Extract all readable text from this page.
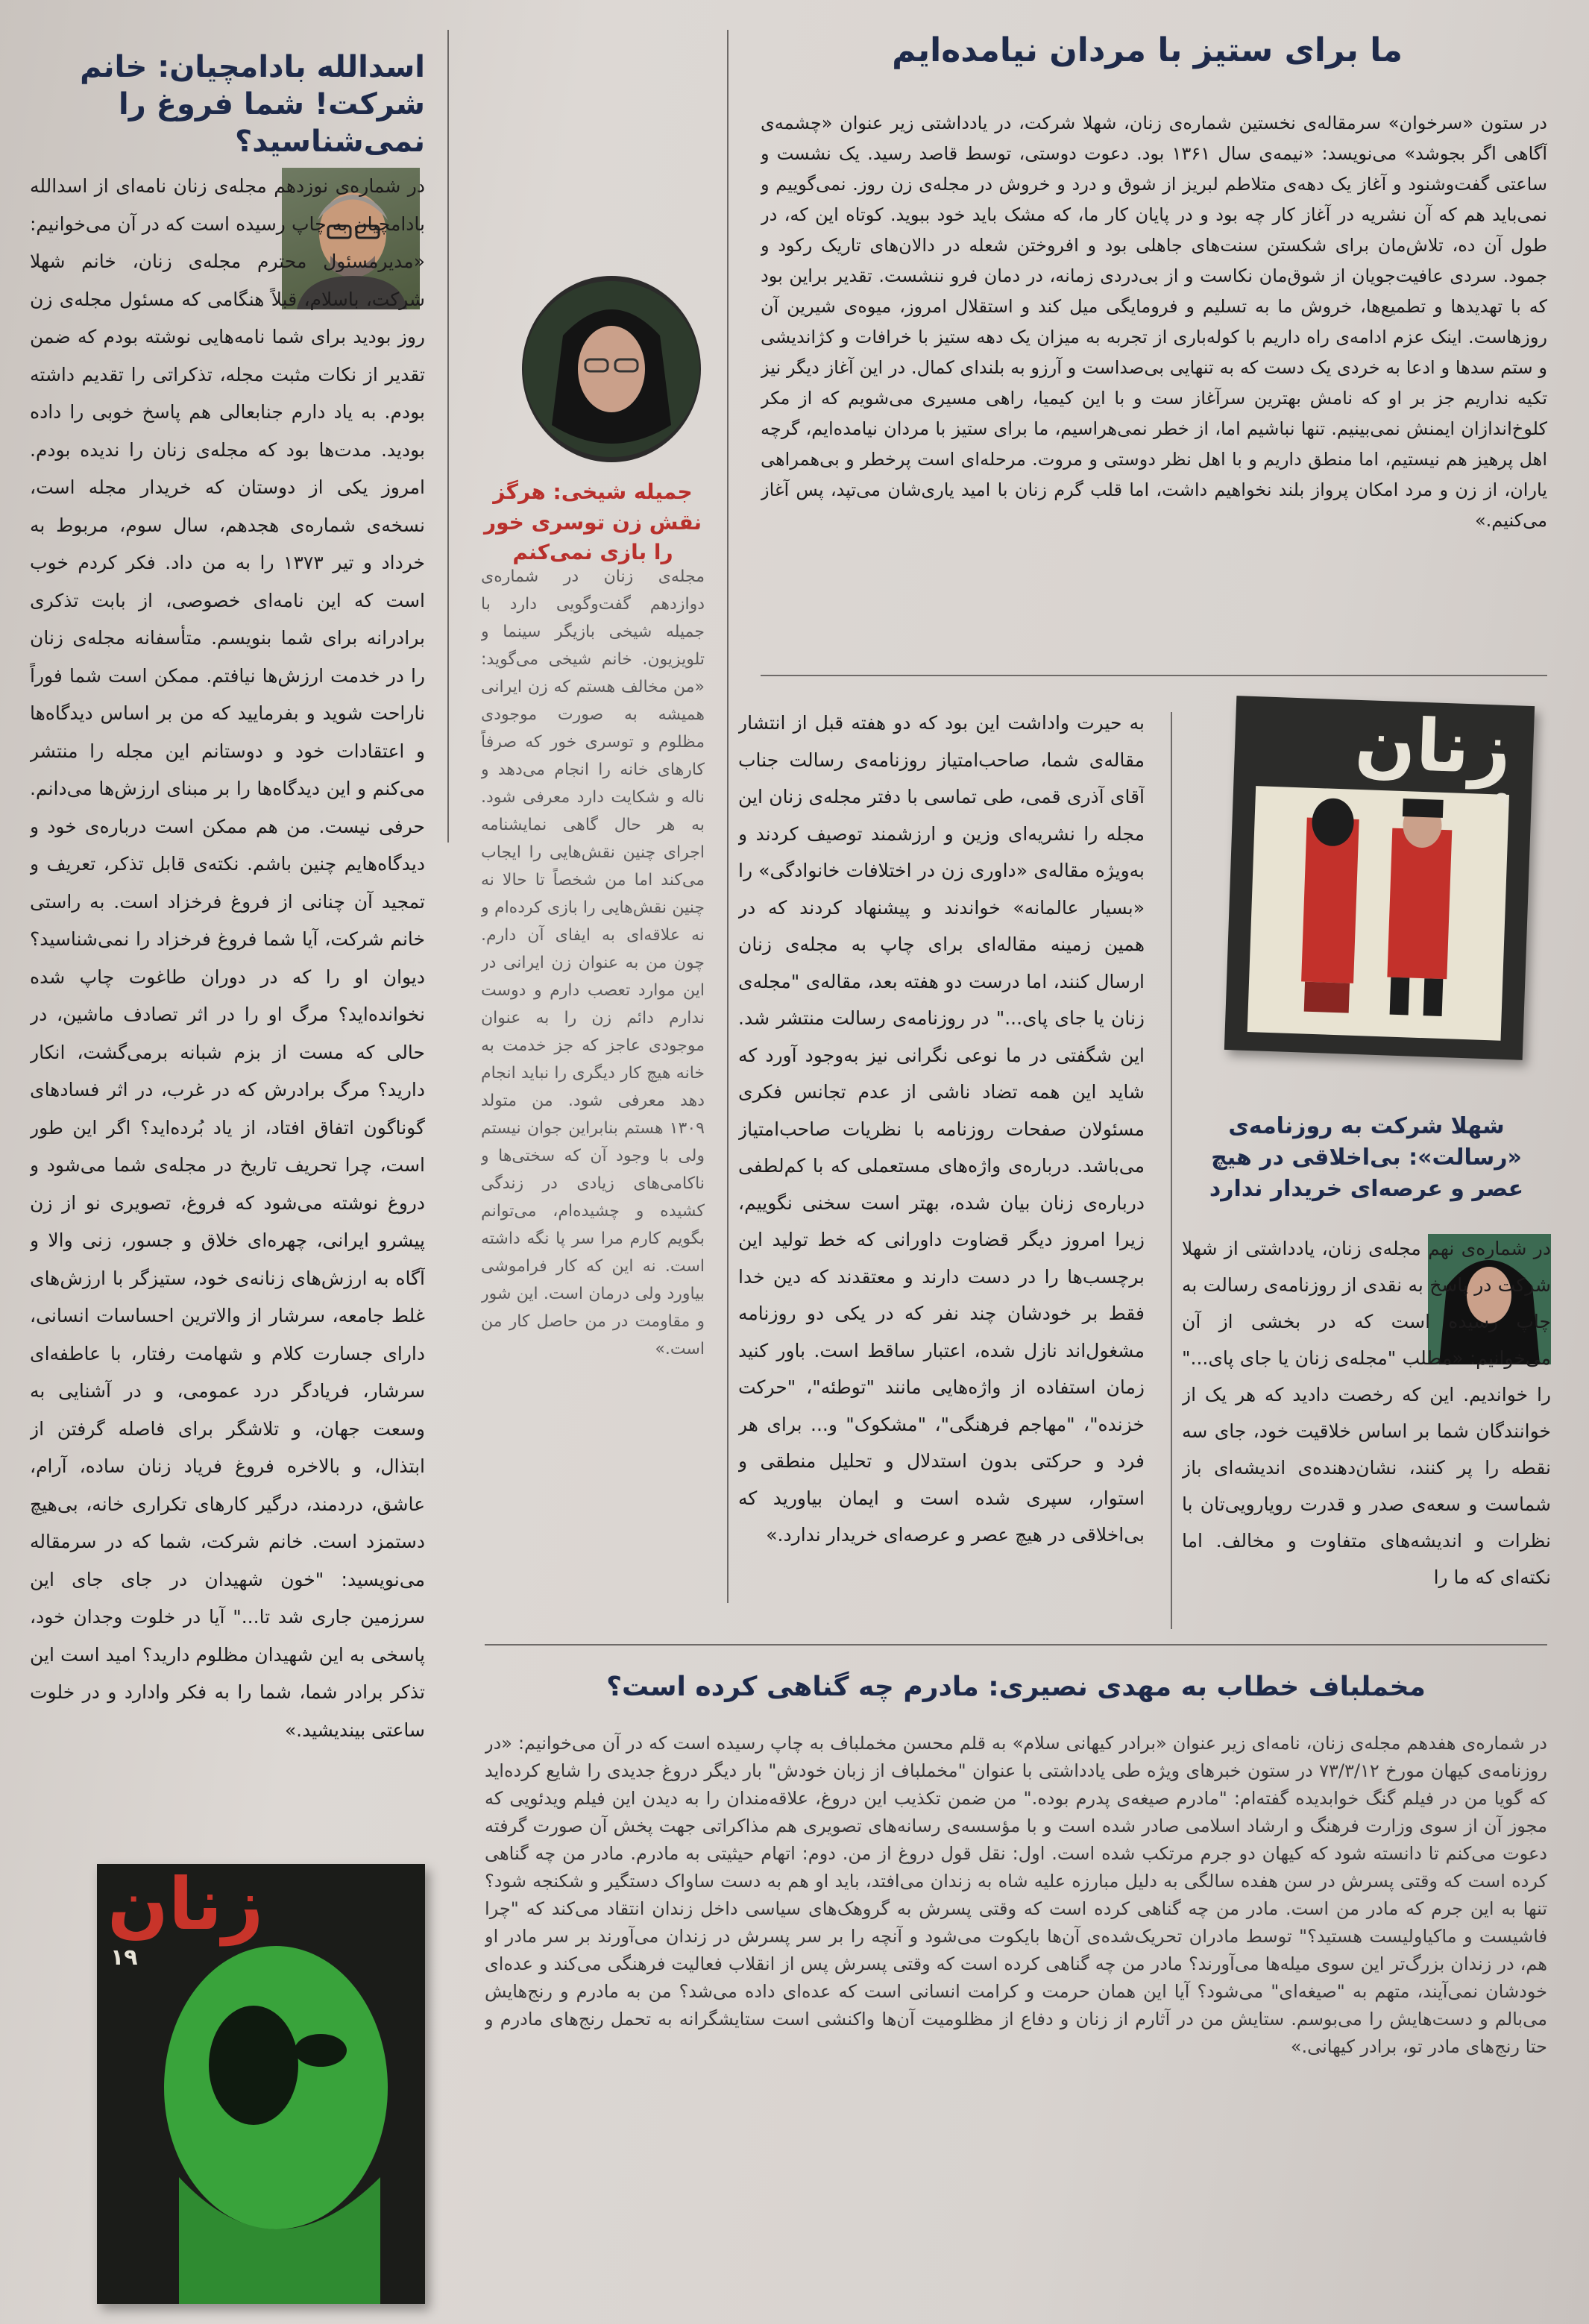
ما برای ستیز با مردان نیامده‌ایم

در ستون «سرخوان» سرمقاله‌ی نخستین شماره‌ی زنان، شهلا شرکت، در یادداشتی زیر عنوان «چشمه‌ی آگاهی اگر بجوشد» می‌نویسد: «نیمه‌ی سال ۱۳۶۱ بود. دعوت دوستی، توسط قاصد رسید. یک نشست و ساعتی گفت‌وشنود و آغاز یک دهه‌ی متلاطم لبریز از شوق و درد و خروش در مجله‌ی زن روز. نمی‌گوییم و نمی‌باید هم که آن نشریه در آغاز کار چه بود و در پایان کار ما، که مشک باید خود ببوید. کوتاه این که، در طول آن ده، تلاش‌مان برای شکستن سنت‌های جاهلی بود و افروختن شعله در دالان‌های تاریک رکود و جمود. سردی عافیت‌جویان از شوق‌مان نکاست و از بی‌دردی زمانه، در دمان فرو ننشست. تقدیر براین بود که با تهدیدها و تطمیع‌ها، خروش ما به تسلیم و فرومایگی میل کند و استقلال امروز، میوه‌ی شیرین آن روزهاست. اینک عزم ادامه‌ی راه داریم با کوله‌باری از تجربه به میزان یک دهه ستیز با خرافات و کژاندیشی و ستم سدها و ادعا به خردی یک دست که به تنهایی بی‌صداست و آرزو به بلندای کمال. در این آغاز دیگر نیز تکیه نداریم جز بر او که نامش بهترین سرآغاز ست و با این کیمیا، راهی مسیری می‌شویم که از مکر کلوخ‌اندازان ایمنش نمی‌بینیم. تنها نباشیم اما، از خطر نمی‌هراسیم، ما برای ستیز با مردان نیامده‌ایم، گرچه اهل پرهیز هم نیستیم، اما منطق داریم و با اهل نظر دوستی و مروت. مرحله‌ای است پرخطر و بی‌همراهی یاران، از زن و مرد امکان پرواز بلند نخواهیم داشت، اما قلب گرم زنان با امید یاری‌شان می‌تپد، پس آغاز می‌کنیم.»

اسدالله بادامچیان: خانم شرکت! شما فروغ را نمی‌شناسید؟

در شماره‌ی نوزدهم مجله‌ی زنان نامه‌ای از اسدالله بادامچیان به چاپ رسیده است که در آن می‌خوانیم: «مدیرمسئول محترم مجله‌ی زنان، خانم شهلا شرکت، باسلام، قبلاً هنگامی که مسئول مجله‌ی زن روز بودید برای شما نامه‌هایی نوشته بودم که ضمن تقدیر از نکات مثبت مجله، تذکراتی را تقدیم داشته بودم. به یاد دارم جنابعالی هم پاسخ خوبی را داده بودید. مدت‌ها بود که مجله‌ی زنان را ندیده بودم. امروز یکی از دوستان که خریدار مجله است، نسخه‌ی شماره‌ی هجدهم، سال سوم، مربوط به خرداد و تیر ۱۳۷۳ را به من داد. فکر کردم خوب است که این نامه‌ای خصوصی، از بابت تذکری برادرانه برای شما بنویسم. متأسفانه مجله‌ی زنان را در خدمت ارزش‌ها نیافتم. ممکن است شما فوراً ناراحت شوید و بفرمایید که من بر اساس دیدگاه‌ها و اعتقادات خود و دوستانم این مجله را منتشر می‌کنم و این دیدگاه‌ها را بر مبنای ارزش‌ها می‌دانم. حرفی نیست. من هم ممکن است درباره‌ی خود و دیدگاه‌هایم چنین باشم. نکته‌ی قابل تذکر، تعریف و تمجید آن چنانی از فروغ فرخزاد است. به راستی خانم شرکت، آیا شما فروغ فرخزاد را نمی‌شناسید؟ دیوان او را که در دوران طاغوت چاپ شده نخوانده‌اید؟ مرگ او را در اثر تصادف ماشین، در حالی که مست از بزم شبانه برمی‌گشت، انکار دارید؟ مرگ برادرش که در غرب، در اثر فسادهای گوناگون اتفاق افتاد، از یاد بُرده‌اید؟ اگر این طور است، چرا تحریف تاریخ در مجله‌ی شما می‌شود و دروغ نوشته می‌شود که فروغ، تصویری نو از زن پیشرو ایرانی، چهره‌ای خلاق و جسور، زنی والا و آگاه به ارزش‌های زنانه‌ی خود، ستیزگر با ارزش‌های غلط جامعه، سرشار از والاترین احساسات انسانی، دارای جسارت کلام و شهامت رفتار، با عاطفه‌ای سرشار، فریادگر درد عمومی، و در آشنایی به وسعت جهان، و تلاشگر برای فاصله گرفتن از ابتذال، و بالاخره فروغ فریاد زنان ساده، آرام، عاشق، دردمند، درگیر کارهای تکراری خانه، بی‌هیچ دستمزد است. خانم شرکت، شما که در سرمقاله می‌نویسید: "خون شهیدان در جای جای این سرزمین جاری شد تا..." آیا در خلوت وجدان خود، پاسخی به این شهیدان مظلوم دارید؟ امید است این تذکر برادر شما، شما را به فکر وادارد و در خلوت ساعتی بیندیشید.»

زنان
۱۹
جمیله شیخی: هرگز نقش زن توسری خور را بازی نمی‌کنم

مجله‌ی زنان در شماره‌ی دوازدهم گفت‌وگویی دارد با جمیله شیخی بازیگر سینما و تلویزیون. خانم شیخی می‌گوید: «من مخالف هستم که زن ایرانی همیشه به صورت موجودی مظلوم و توسری خور که صرفاً کارهای خانه را انجام می‌دهد و ناله و شکایت دارد معرفی شود. به هر حال گاهی نمایشنامه اجرای چنین نقش‌هایی را ایجاب می‌کند اما من شخصاً تا حالا نه چنین نقش‌هایی را بازی کرده‌ام و نه علاقه‌ای به ایفای آن دارم. چون من به عنوان زن ایرانی در این موارد تعصب دارم و دوست ندارم دائم زن را به عنوان موجودی عاجز که جز خدمت به خانه هیچ کار دیگری را نباید انجام دهد معرفی شود. من متولد ۱۳۰۹ هستم بنابراین جوان نیستم ولی با وجود آن که سختی‌ها و ناکامی‌های زیادی در زندگی کشیده و چشیده‌ام، می‌توانم بگویم کارم مرا سر پا نگه داشته است. نه این که کار فراموشی بیاورد ولی درمان است. این شور و مقاومت در من حاصل کار من است.»

به حیرت واداشت این بود که دو هفته قبل از انتشار مقاله‌ی شما، صاحب‌امتیاز روزنامه‌ی رسالت جناب آقای آذری قمی، طی تماسی با دفتر مجله‌ی زنان این مجله را نشریه‌ای وزین و ارزشمند توصیف کردند و به‌ویژه مقاله‌ی «داوری زن در اختلافات خانوادگی» را «بسیار عالمانه» خواندند و پیشنهاد کردند که در همین زمینه مقاله‌ای برای چاپ به مجله‌ی زنان ارسال کنند، اما درست دو هفته بعد، مقاله‌ی "مجله‌ی زنان یا جای پای..." در روزنامه‌ی رسالت منتشر شد. این شگفتی در ما نوعی نگرانی نیز به‌وجود آورد که شاید این همه تضاد ناشی از عدم تجانس فکری مسئولان صفحات روزنامه با نظریات صاحب‌امتیاز می‌باشد. درباره‌ی واژه‌های مستعملی که با کم‌لطفی درباره‌ی زنان بیان شده، بهتر است سخنی نگوییم، زیرا امروز دیگر قضاوت داورانی که خط تولید این برچسب‌ها را در دست دارند و معتقدند که دین خدا فقط بر خودشان چند نفر که در یکی دو روزنامه مشغول‌اند نازل شده، اعتبار ساقط است. باور کنید زمان استفاده از واژه‌هایی مانند "توطئه"، "حرکت خزنده"، "مهاجم فرهنگی"، "مشکوک" و... برای هر فرد و حرکتی بدون استدلال و تحلیل منطقی و استوار، سپری شده است و ایمان بیاورید که بی‌اخلاقی در هیچ عصر و عرصه‌ای خریدار ندارد.»

زنان
۹
شهلا شرکت به روزنامه‌ی «رسالت»: بی‌اخلاقی در هیچ عصر و عرصه‌ای خریدار ندارد

در شماره‌ی نهم مجله‌ی زنان، یادداشتی از شهلا شرکت در پاسخ به نقدی از روزنامه‌ی رسالت به چاپ رسیده است که در بخشی از آن می‌خوانیم: «مطلب "مجله‌ی زنان یا جای پای..." را خواندیم. این که رخصت دادید که هر یک از خوانندگان شما بر اساس خلاقیت خود، جای سه نقطه را پر کنند، نشان‌دهنده‌ی اندیشه‌ای باز شماست و سعه‌ی صدر و قدرت رویارویی‌تان با نظرات و اندیشه‌های متفاوت و مخالف. اما نکته‌ای که ما را

مخملباف خطاب به مهدی نصیری: مادرم چه گناهی کرده است؟

در شماره‌ی هفدهم مجله‌ی زنان، نامه‌ای زیر عنوان «برادر کیهانی سلام» به قلم محسن مخملباف به چاپ رسیده است که در آن می‌خوانیم: «در روزنامه‌ی کیهان مورخ ۷۳/۳/۱۲ در ستون خبرهای ویژه طی یادداشتی با عنوان "مخملباف از زبان خودش" بار دیگر دروغ جدیدی را شایع کرده‌اید که گویا من در فیلم گنگ خوابدیده گفته‌ام: "مادرم صیغه‌ی پدرم بوده." من ضمن تکذیب این دروغ، علاقه‌مندان را به دیدن این فیلم ویدئویی که مجوز آن از سوی وزارت فرهنگ و ارشاد اسلامی صادر شده است و با مؤسسه‌ی رسانه‌های تصویری هم مذاکراتی جهت پخش آن صورت گرفته دعوت می‌کنم تا دانسته شود که کیهان دو جرم مرتکب شده است. اول: نقل قول دروغ از من. دوم: اتهام حیثیتی به مادرم. مادر من چه گناهی کرده است که وقتی پسرش در سن هفده سالگی به دلیل مبارزه علیه شاه به زندان می‌افتد، باید او هم به دست ساواک دستگیر و شکنجه شود؟ تنها به این جرم که مادر من است. مادر من چه گناهی کرده است که وقتی پسرش به گروهک‌های سیاسی داخل زندان انتقاد می‌کند که "چرا فاشیست و ماکیاولیست هستید؟" توسط مادران تحریک‌شده‌ی آن‌ها بایکوت می‌شود و آنچه را بر سر پسرش در زندان می‌آورند بر سر مادر او هم، در زندان بزرگ‌تر این سوی میله‌ها می‌آورند؟ مادر من چه گناهی کرده است که وقتی پسرش پس از انقلاب فعالیت فرهنگی می‌کند و عده‌ای خودشان نمی‌آیند، متهم به "صیغه‌ای" می‌شود؟ آیا این همان حرمت و کرامت انسانی است که عده‌ای داده می‌شد؟ من به مادرم و رنج‌هایش می‌بالم و دست‌هایش را می‌بوسم. ستایش من در آثارم از زنان و دفاع از مظلومیت آن‌ها واکنشی است ستایشگرانه به تحمل رنج‌های مادرم و حتا رنج‌های مادر تو، برادر کیهانی.»
